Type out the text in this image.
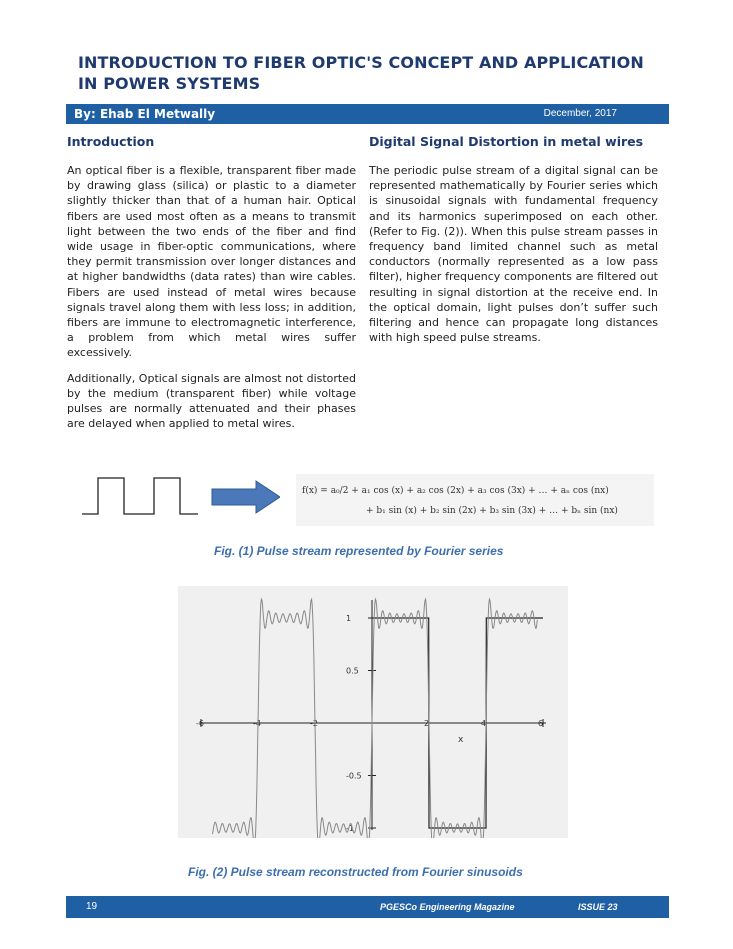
INTRODUCTION TO FIBER OPTIC'S CONCEPT AND APPLICATION IN POWER SYSTEMS
By: Ehab El Metwally	December, 2017
Introduction

An optical fiber is a flexible, transparent fiber made by drawing glass (silica) or plastic to a diameter slightly thicker than that of a human hair. Optical fibers are used most often as a means to transmit light between the two ends of the fiber and find wide usage in fiber-optic communications, where they permit transmission over longer distances and at higher bandwidths (data rates) than wire cables. Fibers are used instead of metal wires because signals travel along them with less loss; in addition, fibers are immune to electromagnetic interference, a problem from which metal wires suffer excessively.

Additionally, Optical signals are almost not distorted by the medium (transparent fiber) while voltage pulses are normally attenuated and their phases are delayed when applied to metal wires.

Digital Signal Distortion in metal wires

The periodic pulse stream of a digital signal can be represented mathematically by Fourier series which is sinusoidal signals with fundamental frequency and its harmonics superimposed on each other. (Refer to Fig. (2)). When this pulse stream passes in frequency band limited channel such as metal conductors (normally represented as a low pass filter), higher frequency components are filtered out resulting in signal distortion at the receive end. In the optical domain, light pulses don’t suffer such filtering and hence can propagate long distances with high speed pulse streams.

f(x) = a₀/2 + a₁ cos (x) + a₂ cos (2x) + a₃ cos (3x) + … + aₙ cos (nx)
+ b₁ sin (x) + b₂ sin (2x) + b₃ sin (3x) + … + bₙ sin (nx)
Fig. (1) Pulse stream represented by Fourier series
-6	-4	-2	2	4	6
1
0.5
-0.5
-1
x
Fig. (2) Pulse stream reconstructed from Fourier sinusoids
19	PGESCo Engineering Magazine	ISSUE 23
